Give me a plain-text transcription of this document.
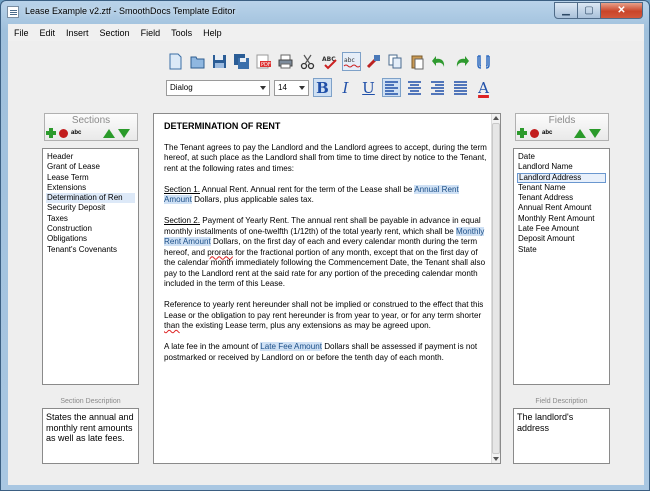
Lease Example v2.ztf - SmoothDocs Template Editor	▁	▢	✕
File Edit Insert Section Field Tools Help
PDF
ABC abc
Dialog	14 B I U	A
Sections
abc
Header
Grant of Lease
Lease Term
Extensions
Determination of Ren
Security Deposit
Taxes
Construction
Obligations
Tenant's Covenants
Section Description
States the annual and monthly rent amounts as well as late fees.
DETERMINATION OF RENT

The Tenant agrees to pay the Landlord and the Landlord agrees to accept, during the term hereof, at such place as the Landlord shall from time to time direct by notice to the Tenant, rent at the following rates and times:

Section 1. Annual Rent. Annual rent for the term of the Lease shall be Annual Rent Amount Dollars, plus applicable sales tax.

Section 2. Payment of Yearly Rent. The annual rent shall be payable in advance in equal monthly installments of one-twelfth (1/12th) of the total yearly rent, which shall be Monthly Rent Amount Dollars, on the first day of each and every calendar month during the term hereof, and prorata for the fractional portion of any month, except that on the first day of the calendar month immediately following the Commencement Date, the Tenant shall also pay to the Landlord rent at the said rate for any portion of the preceding calendar month included in the term of this Lease.

Reference to yearly rent hereunder shall not be implied or construed to the effect that this Lease or the obligation to pay rent hereunder is from year to year, or for any term shorter than the existing Lease term, plus any extensions as may be agreed upon.

A late fee in the amount of Late Fee Amount Dollars shall be assessed if payment is not postmarked or received by Landlord on or before the tenth day of each month.

Fields
abc
Date
Landlord Name
Landlord Address
Tenant Name
Tenant Address
Annual Rent Amount
Monthly Rent Amount
Late Fee Amount
Deposit Amount
State
Field Description
The landlord's address
